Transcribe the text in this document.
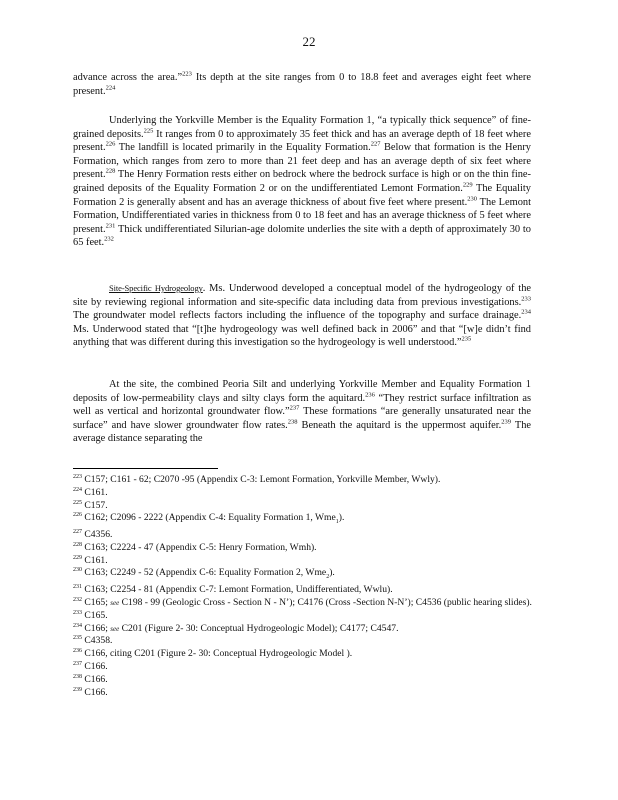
22

advance across the area.”$^{223}$ Its depth at the site ranges from 0 to 18.8 feet and averages eight feet where present.$^{224}$

Underlying the Yorkville Member is the Equality Formation 1, “a typically thick sequence” of fine-grained deposits.$^{225}$ It ranges from 0 to approximately 35 feet thick and has an average depth of 18 feet where present.$^{226}$ The landfill is located primarily in the Equality Formation.$^{227}$ Below that formation is the Henry Formation, which ranges from zero to more than 21 feet deep and has an average depth of six feet where present.$^{228}$ The Henry Formation rests either on bedrock where the bedrock surface is high or on the thin fine-grained deposits of the Equality Formation 2 or on the undifferentiated Lemont Formation.$^{229}$ The Equality Formation 2 is generally absent and has an average thickness of about five feet where present.$^{230}$ The Lemont Formation, Undifferentiated varies in thickness from 0 to 18 feet and has an average thickness of 5 feet where present.$^{231}$ Thick undifferentiated Silurian-age dolomite underlies the site with a depth of approximately 30 to 65 feet.$^{232}$

Site-Specific Hydrogeology. Ms. Underwood developed a conceptual model of the hydrogeology of the site by reviewing regional information and site-specific data including data from previous investigations.$^{233}$ The groundwater model reflects factors including the influence of the topography and surface drainage.$^{234}$ Ms. Underwood stated that “[t]he hydrogeology was well defined back in 2006” and that “[w]e didn’t find anything that was different during this investigation so the hydrogeology is well understood.”$^{235}$

At the site, the combined Peoria Silt and underlying Yorkville Member and Equality Formation 1 deposits of low-permeability clays and silty clays form the aquitard.$^{236}$ “They restrict surface infiltration as well as vertical and horizontal groundwater flow.”$^{237}$ These formations “are generally unsaturated near the surface” and have slower groundwater flow rates.$^{238}$ Beneath the aquitard is the uppermost aquifer.$^{239}$ The average distance separating the

$^{223}$ C157; C161 - 62; C2070 -95 (Appendix C-3: Lemont Formation, Yorkville Member, Wwly).
$^{224}$ C161.
$^{225}$ C157.
$^{226}$ C162; C2096 - 2222 (Appendix C-4: Equality Formation 1, Wme$_1$).
$^{227}$ C4356.
$^{228}$ C163; C2224 - 47 (Appendix C-5: Henry Formation, Wmh).
$^{229}$ C161.
$^{230}$ C163; C2249 - 52 (Appendix C-6: Equality Formation 2, Wme$_2$).
$^{231}$ C163; C2254 - 81 (Appendix C-7: Lemont Formation, Undifferentiated, Wwlu).
$^{232}$ C165; see C198 - 99 (Geologic Cross - Section N - N’); C4176 (Cross -Section N-N’); C4536 (public hearing slides).
$^{233}$ C165.
$^{234}$ C166; see C201 (Figure 2- 30: Conceptual Hydrogeologic Model); C4177; C4547.
$^{235}$ C4358.
$^{236}$ C166, citing C201 (Figure 2- 30: Conceptual Hydrogeologic Model ).
$^{237}$ C166.
$^{238}$ C166.
$^{239}$ C166.
